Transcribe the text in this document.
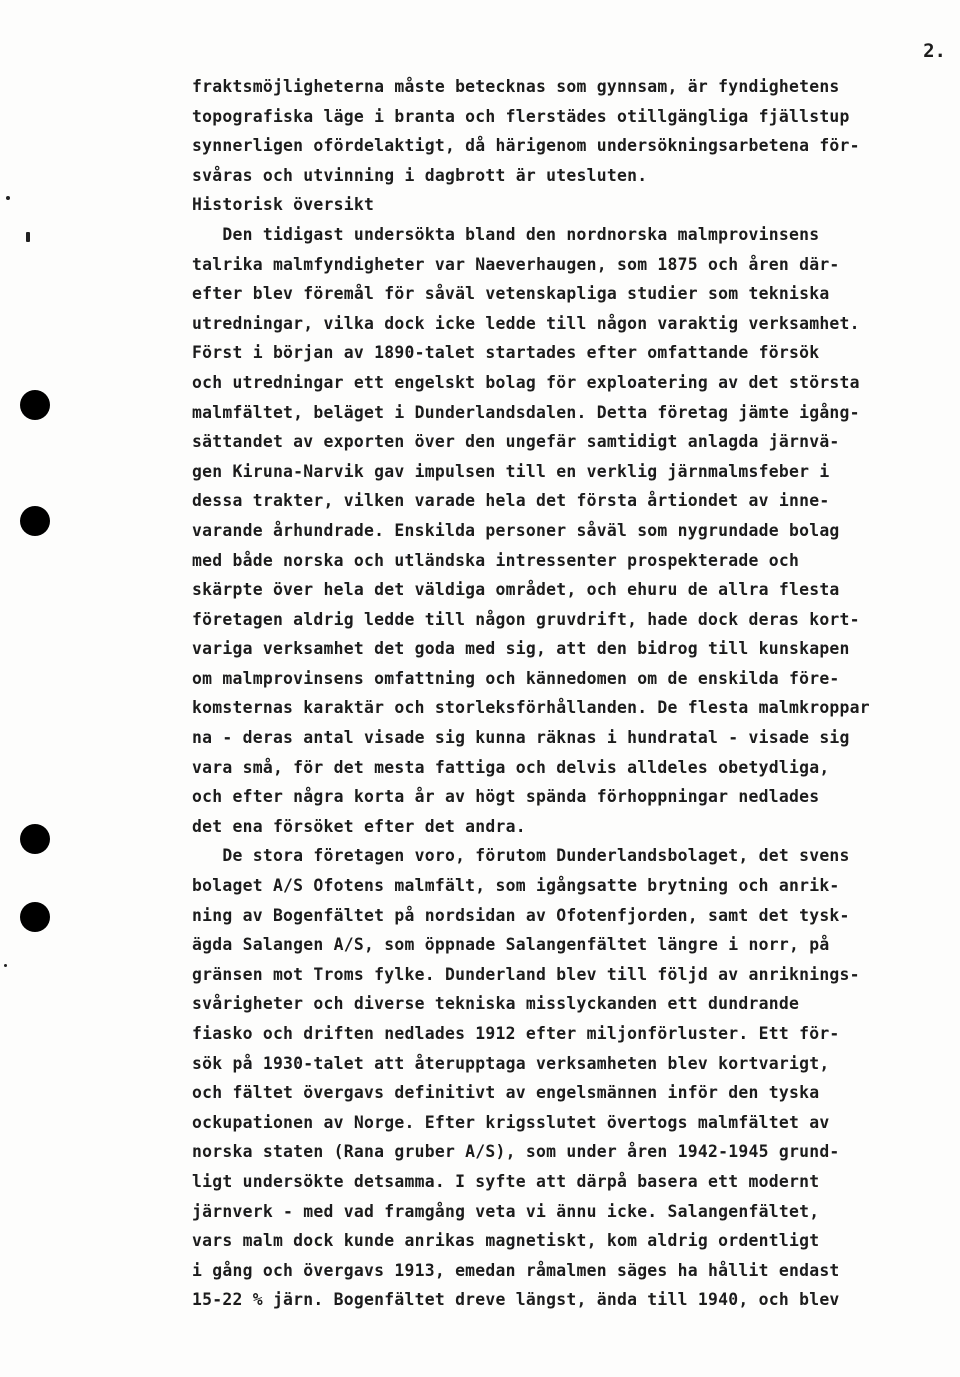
2.
fraktsmöjligheterna måste betecknas som gynnsam, är fyndighetens
topografiska läge i branta och flerstädes otillgängliga fjällstup
synnerligen ofördelaktigt, då härigenom undersökningsarbetena för-
svåras och utvinning i dagbrott är utesluten.
Historisk översikt
Den tidigast undersökta bland den nordnorska malmprovinsens
talrika malmfyndigheter var Naeverhaugen, som 1875 och åren där-
efter blev föremål för såväl vetenskapliga studier som tekniska
utredningar, vilka dock icke ledde till någon varaktig verksamhet.
Först i början av 1890-talet startades efter omfattande försök
och utredningar ett engelskt bolag för exploatering av det största
malmfältet, beläget i Dunderlandsdalen. Detta företag jämte igång-
sättandet av exporten över den ungefär samtidigt anlagda järnvä-
gen Kiruna-Narvik gav impulsen till en verklig järnmalmsfeber i
dessa trakter, vilken varade hela det första årtiondet av inne-
varande århundrade. Enskilda personer såväl som nygrundade bolag
med både norska och utländska intressenter prospekterade och
skärpte över hela det väldiga området, och ehuru de allra flesta
företagen aldrig ledde till någon gruvdrift, hade dock deras kort-
variga verksamhet det goda med sig, att den bidrog till kunskapen
om malmprovinsens omfattning och kännedomen om de enskilda före-
komsternas karaktär och storleksförhållanden. De flesta malmkroppar
na - deras antal visade sig kunna räknas i hundratal - visade sig
vara små, för det mesta fattiga och delvis alldeles obetydliga,
och efter några korta år av högt spända förhoppningar nedlades
det ena försöket efter det andra.
De stora företagen voro, förutom Dunderlandsbolaget, det svens
bolaget A/S Ofotens malmfält, som igångsatte brytning och anrik-
ning av Bogenfältet på nordsidan av Ofotenfjorden, samt det tysk-
ägda Salangen A/S, som öppnade Salangenfältet längre i norr, på
gränsen mot Troms fylke. Dunderland blev till följd av anriknings-
svårigheter och diverse tekniska misslyckanden ett dundrande
fiasko och driften nedlades 1912 efter miljonförluster. Ett för-
sök på 1930-talet att återupptaga verksamheten blev kortvarigt,
och fältet övergavs definitivt av engelsmännen inför den tyska
ockupationen av Norge. Efter krigsslutet övertogs malmfältet av
norska staten (Rana gruber A/S), som under åren 1942-1945 grund-
ligt undersökte detsamma. I syfte att därpå basera ett modernt
järnverk - med vad framgång veta vi ännu icke. Salangenfältet,
vars malm dock kunde anrikas magnetiskt, kom aldrig ordentligt
i gång och övergavs 1913, emedan råmalmen säges ha hållit endast
15-22 % järn. Bogenfältet dreve längst, ända till 1940, och blev
